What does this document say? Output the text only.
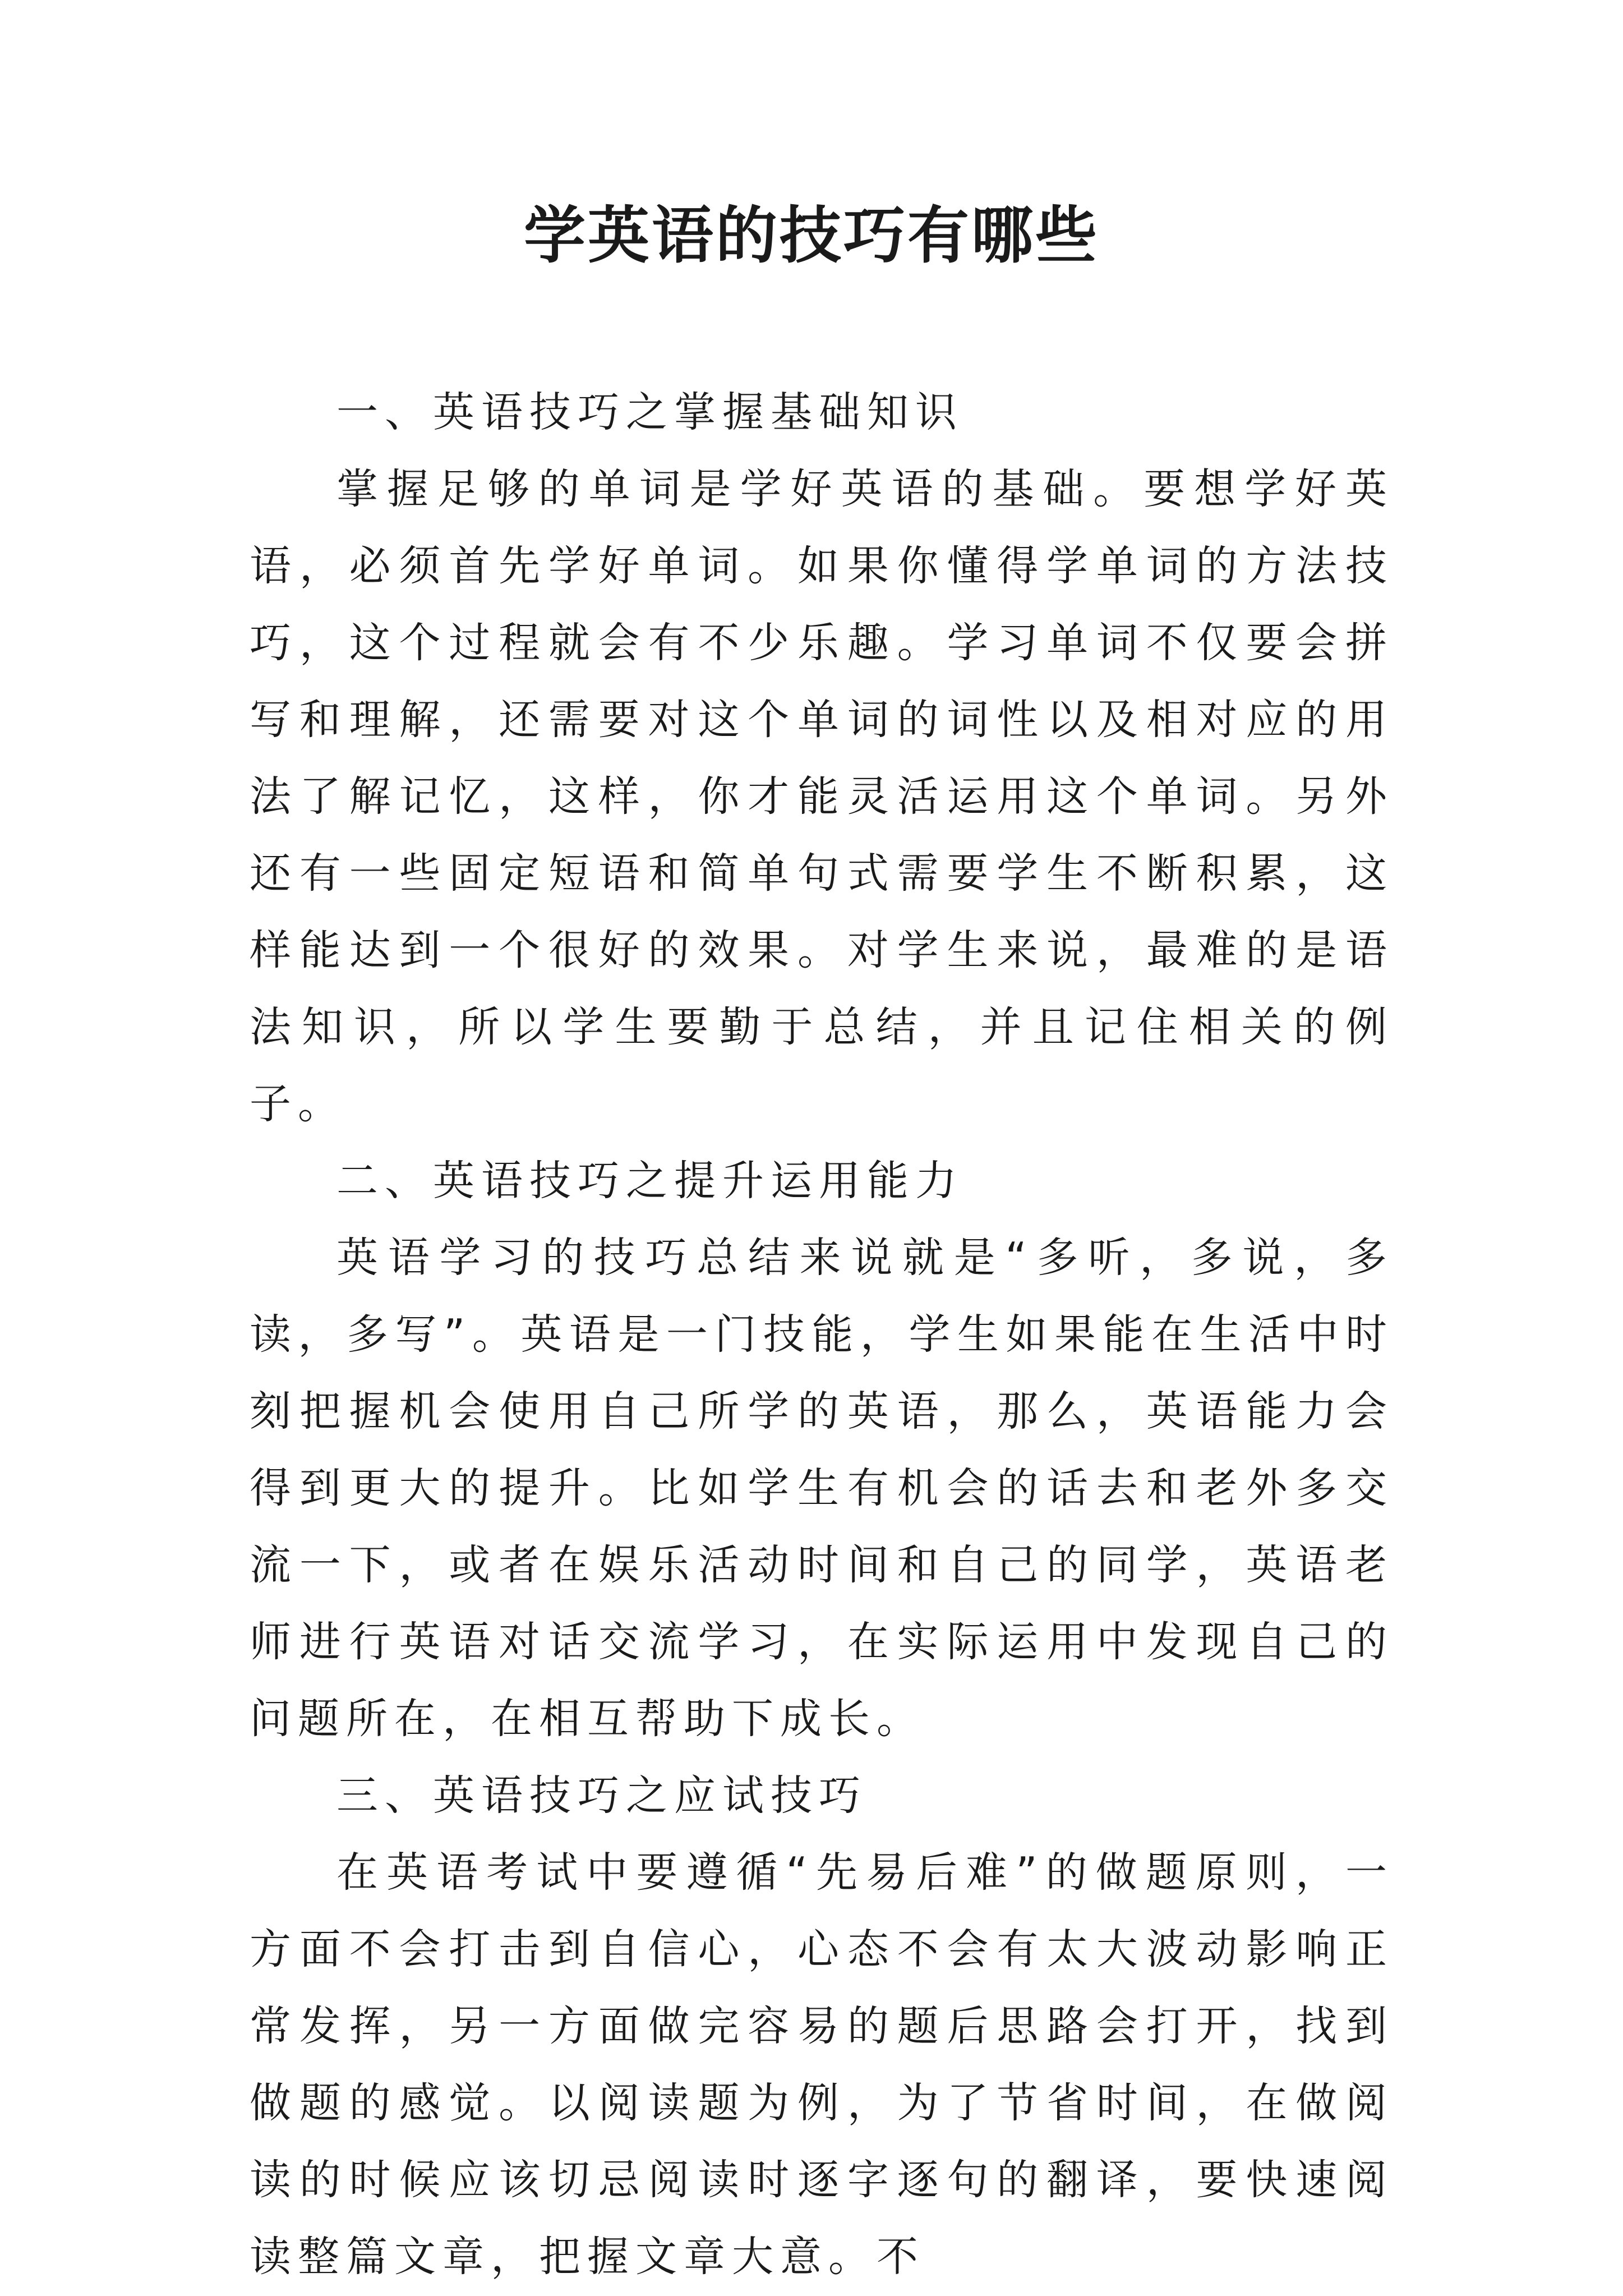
学英语的技巧有哪些

一、英语技巧之掌握基础知识

掌握足够的单词是学好英语的基础。要想学好英语，必须首先学好单词。如果你懂得学单词的方法技巧，这个过程就会有不少乐趣。学习单词不仅要会拼写和理解，还需要对这个单词的词性以及相对应的用法了解记忆，这样，你才能灵活运用这个单词。另外还有一些固定短语和简单句式需要学生不断积累，这样能达到一个很好的效果。对学生来说，最难的是语法知识，所以学生要勤于总结，并且记住相关的例子。

二、英语技巧之提升运用能力

英语学习的技巧总结来说就是“多听，多说，多读，多写”。英语是一门技能，学生如果能在生活中时刻把握机会使用自己所学的英语，那么，英语能力会得到更大的提升。比如学生有机会的话去和老外多交流一下，或者在娱乐活动时间和自己的同学，英语老师进行英语对话交流学习，在实际运用中发现自己的问题所在，在相互帮助下成长。

三、英语技巧之应试技巧

在英语考试中要遵循“先易后难”的做题原则，一方面不会打击到自信心，心态不会有太大波动影响正常发挥，另一方面做完容易的题后思路会打开，找到做题的感觉。以阅读题为例，为了节省时间，在做阅读的时候应该切忌阅读时逐字逐句的翻译，要快速阅读整篇文章，把握文章大意。不
